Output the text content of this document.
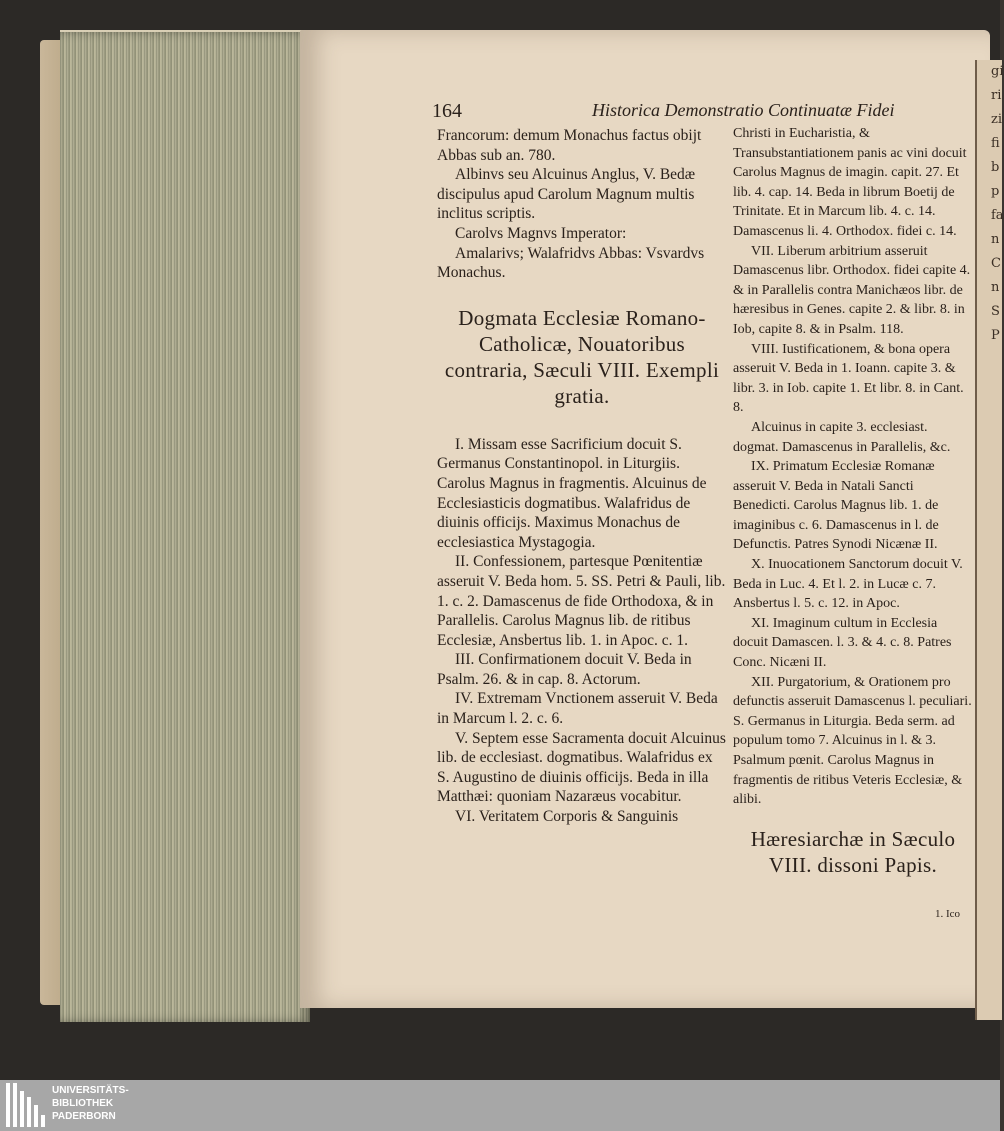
gi
ri
zi
fi
b
p
fa
n
C
n
S
P
164	Historica Demonstratio Continuatæ Fidei

Francorum: demum Monachus factus obijt Abbas sub an. 780.

Albinvs seu Alcuinus Anglus, V. Bedæ discipulus apud Carolum Magnum multis inclitus scriptis.

Carolvs Magnvs Imperator:

Amalarivs; Walafridvs Abbas: Vsvardvs Monachus.

Dogmata Ecclesiæ Romano-Catholicæ, Nouatoribus contraria, Sæculi VIII. Exempli gratia.

I. Missam esse Sacrificium docuit S. Germanus Constantinopol. in Liturgiis. Carolus Magnus in fragmentis. Alcuinus de Ecclesiasticis dogmatibus. Walafridus de diuinis officijs. Maximus Monachus de ecclesiastica Mystagogia.

II. Confessionem, partesque Pœnitentiæ asseruit V. Beda hom. 5. SS. Petri & Pauli, lib. 1. c. 2. Damascenus de fide Orthodoxa, & in Parallelis. Carolus Magnus lib. de ritibus Ecclesiæ, Ansbertus lib. 1. in Apoc. c. 1.

III. Confirmationem docuit V. Beda in Psalm. 26. & in cap. 8. Actorum.

IV. Extremam Vnctionem asseruit V. Beda in Marcum l. 2. c. 6.

V. Septem esse Sacramenta docuit Alcuinus lib. de ecclesiast. dogmatibus. Walafridus ex S. Augustino de diuinis officijs. Beda in illa Matthæi: quoniam Nazaræus vocabitur.

VI. Veritatem Corporis & Sanguinis

Christi in Eucharistia, & Transubstantiationem panis ac vini docuit Carolus Magnus de imagin. capit. 27. Et lib. 4. cap. 14. Beda in librum Boetij de Trinitate. Et in Marcum lib. 4. c. 14. Damascenus li. 4. Orthodox. fidei c. 14.

VII. Liberum arbitrium asseruit Damascenus libr. Orthodox. fidei capite 4. & in Parallelis contra Manichæos libr. de hæresibus in Genes. capite 2. & libr. 8. in Iob, capite 8. & in Psalm. 118.

VIII. Iustificationem, & bona opera asseruit V. Beda in 1. Ioann. capite 3. & libr. 3. in Iob. capite 1. Et libr. 8. in Cant. 8.

Alcuinus in capite 3. ecclesiast. dogmat. Damascenus in Parallelis, &c.

IX. Primatum Ecclesiæ Romanæ asseruit V. Beda in Natali Sancti Benedicti. Carolus Magnus lib. 1. de imaginibus c. 6. Damascenus in l. de Defunctis. Patres Synodi Nicænæ II.

X. Inuocationem Sanctorum docuit V. Beda in Luc. 4. Et l. 2. in Lucæ c. 7. Ansbertus l. 5. c. 12. in Apoc.

XI. Imaginum cultum in Ecclesia docuit Damascen. l. 3. & 4. c. 8. Patres Conc. Nicæni II.

XII. Purgatorium, & Orationem pro defunctis asseruit Damascenus l. peculiari. S. Germanus in Liturgia. Beda serm. ad populum tomo 7. Alcuinus in l. & 3. Psalmum pœnit. Carolus Magnus in fragmentis de ritibus Veteris Ecclesiæ, & alibi.

Hæresiarchæ in Sæculo VIII. dissoni Papis.

1. Ico
UNIVERSITÄTS-
BIBLIOTHEK
PADERBORN
